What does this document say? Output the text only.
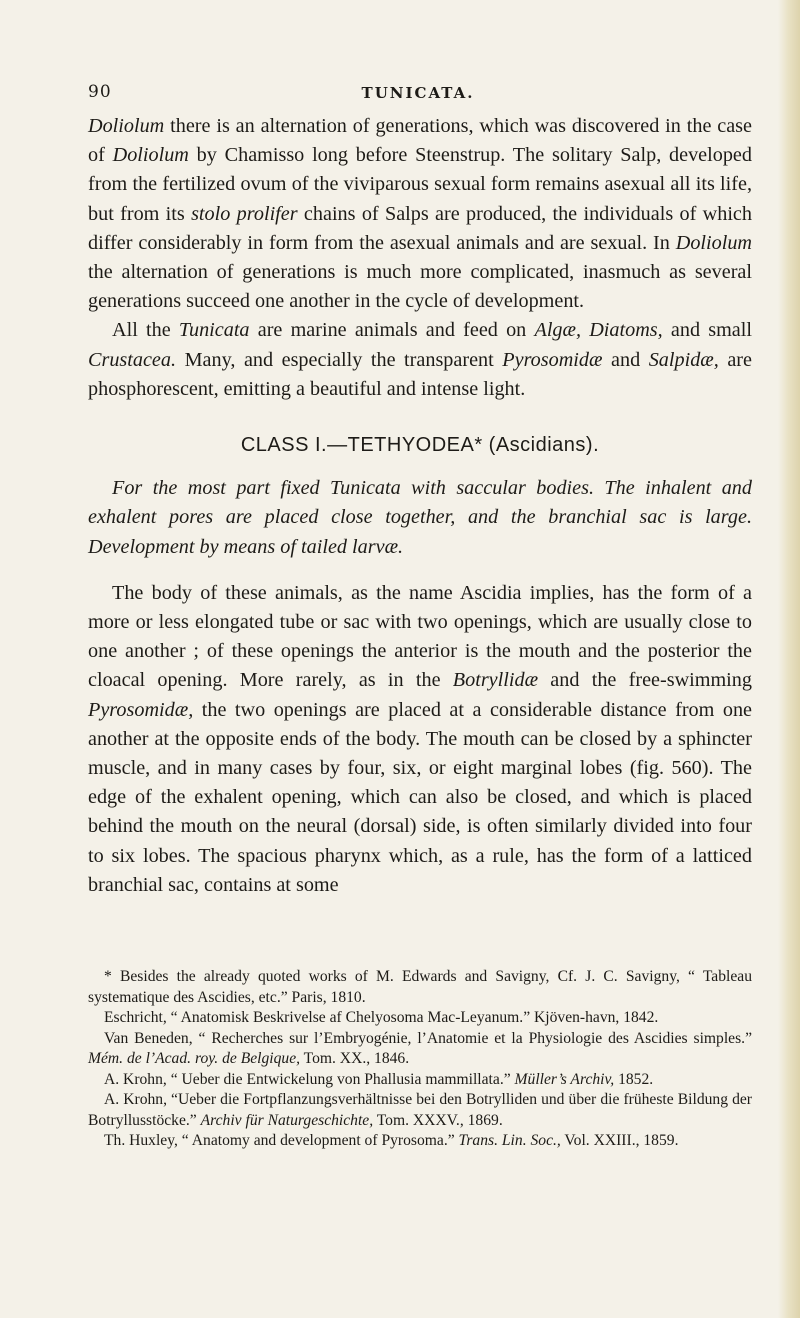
90	TUNICATA.

Doliolum there is an alternation of generations, which was discovered in the case of Doliolum by Chamisso long before Steenstrup. The solitary Salp, developed from the fertilized ovum of the viviparous sexual form remains asexual all its life, but from its stolo prolifer chains of Salps are produced, the individuals of which differ considerably in form from the asexual animals and are sexual. In Doliolum the alternation of generations is much more complicated, inasmuch as several generations succeed one another in the cycle of development.

All the Tunicata are marine animals and feed on Algæ, Diatoms, and small Crustacea. Many, and especially the transparent Pyrosomidæ and Salpidæ, are phosphorescent, emitting a beautiful and intense light.

CLASS I.—TETHYODEA* (Ascidians).

For the most part fixed Tunicata with saccular bodies. The inhalent and exhalent pores are placed close together, and the branchial sac is large. Development by means of tailed larvæ.

The body of these animals, as the name Ascidia implies, has the form of a more or less elongated tube or sac with two openings, which are usually close to one another ; of these openings the anterior is the mouth and the posterior the cloacal opening. More rarely, as in the Botryllidæ and the free-swimming Pyrosomidæ, the two openings are placed at a considerable distance from one another at the opposite ends of the body. The mouth can be closed by a sphincter muscle, and in many cases by four, six, or eight marginal lobes (fig. 560). The edge of the exhalent opening, which can also be closed, and which is placed behind the mouth on the neural (dorsal) side, is often similarly divided into four to six lobes. The spacious pharynx which, as a rule, has the form of a latticed branchial sac, contains at some

* Besides the already quoted works of M. Edwards and Savigny, Cf. J. C. Savigny, “ Tableau systematique des Ascidies, etc.” Paris, 1810.

Eschricht, “ Anatomisk Beskrivelse af Chelyosoma Mac-Leyanum.” Kjöven-havn, 1842.

Van Beneden, “ Recherches sur l’Embryogénie, l’Anatomie et la Physiologie des Ascidies simples.” Mém. de l’Acad. roy. de Belgique, Tom. XX., 1846.

A. Krohn, “ Ueber die Entwickelung von Phallusia mammillata.” Müller’s Archiv, 1852.

A. Krohn, “Ueber die Fortpflanzungsverhältnisse bei den Botrylliden und über die früheste Bildung der Botryllusstöcke.” Archiv für Naturgeschichte, Tom. XXXV., 1869.

Th. Huxley, “ Anatomy and development of Pyrosoma.” Trans. Lin. Soc., Vol. XXIII., 1859.
